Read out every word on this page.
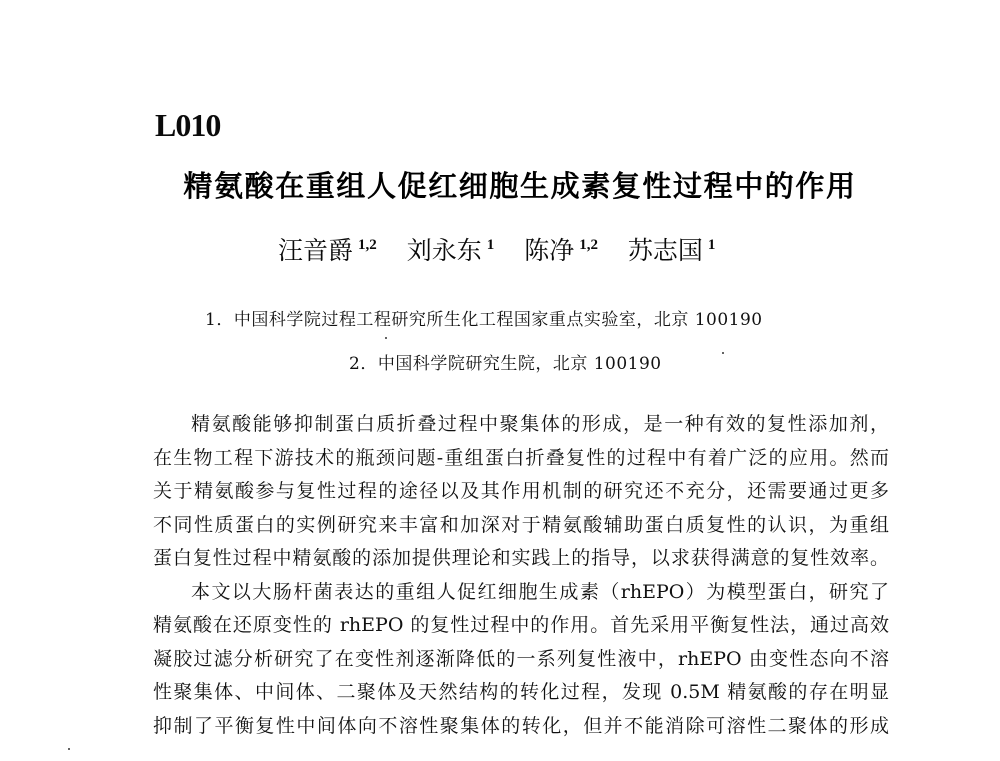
L010
精氨酸在重组人促红细胞生成素复性过程中的作用
汪音爵 $^{1,2}$ 刘永东 $^1$ 陈净 $^{1,2}$ 苏志国 $^1$
1．中国科学院过程工程研究所生化工程国家重点实验室，北京 100190
2．中国科学院研究生院，北京 100190
精氨酸能够抑制蛋白质折叠过程中聚集体的形成，是一种有效的复性添加剂，
在生物工程下游技术的瓶颈问题-重组蛋白折叠复性的过程中有着广泛的应用。然而
关于精氨酸参与复性过程的途径以及其作用机制的研究还不充分，还需要通过更多
不同性质蛋白的实例研究来丰富和加深对于精氨酸辅助蛋白质复性的认识，为重组
蛋白复性过程中精氨酸的添加提供理论和实践上的指导，以求获得满意的复性效率。
本文以大肠杆菌表达的重组人促红细胞生成素（rhEPO）为模型蛋白，研究了
精氨酸在还原变性的 rhEPO 的复性过程中的作用。首先采用平衡复性法，通过高效
凝胶过滤分析研究了在变性剂逐渐降低的一系列复性液中，rhEPO 由变性态向不溶
性聚集体、中间体、二聚体及天然结构的转化过程，发现 0.5M 精氨酸的存在明显
抑制了平衡复性中间体向不溶性聚集体的转化，但并不能消除可溶性二聚体的形成
